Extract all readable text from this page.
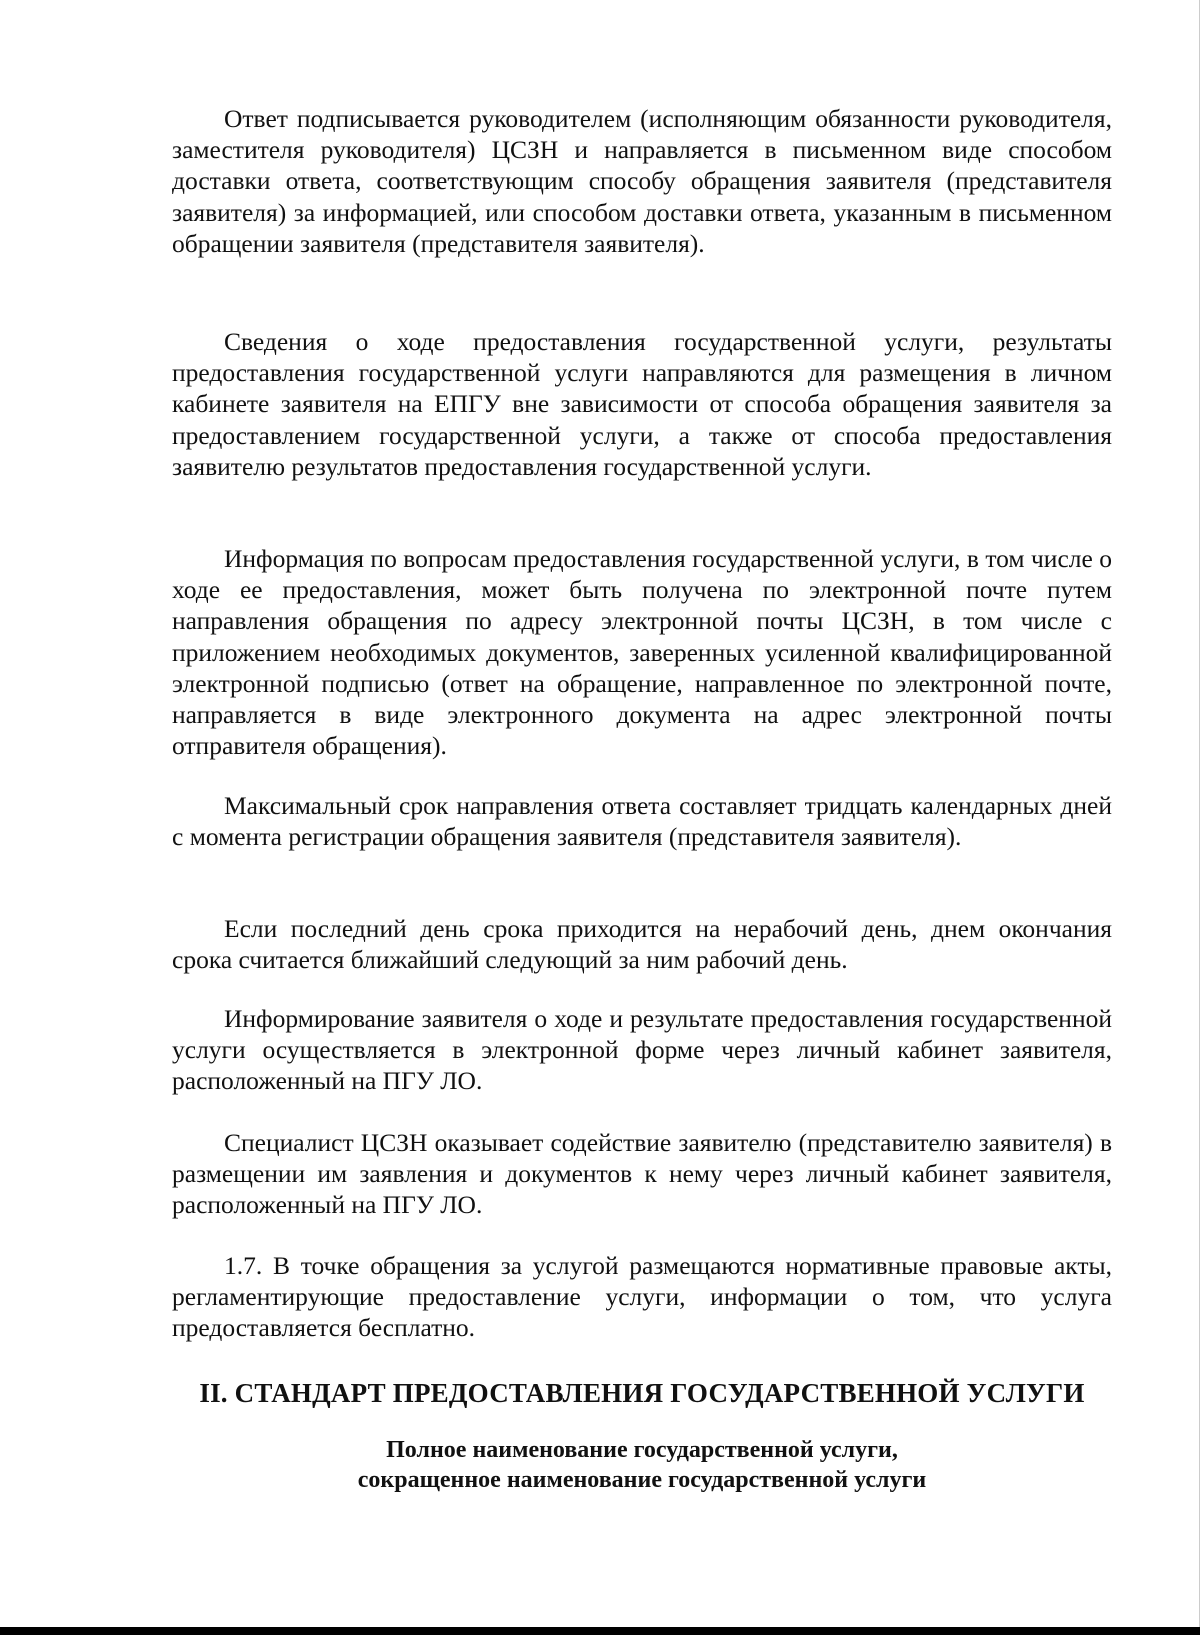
Ответ подписывается руководителем (исполняющим обязанности руководителя, заместителя руководителя) ЦСЗН и направляется в письменном виде способом доставки ответа, соответствующим способу обращения заявителя (представителя заявителя) за информацией, или способом доставки ответа, указанным в письменном обращении заявителя (представителя заявителя).

Сведения о ходе предоставления государственной услуги, результаты предоставления государственной услуги направляются для размещения в личном кабинете заявителя на ЕПГУ вне зависимости от способа обращения заявителя за предоставлением государственной услуги, а также от способа предоставления заявителю результатов предоставления государственной услуги.

Информация по вопросам предоставления государственной услуги, в том числе о ходе ее предоставления, может быть получена по электронной почте путем направления обращения по адресу электронной почты ЦСЗН, в том числе с приложением необходимых документов, заверенных усиленной квалифицированной электронной подписью (ответ на обращение, направленное по электронной почте, направляется в виде электронного документа на адрес электронной почты отправителя обращения).

Максимальный срок направления ответа составляет тридцать календарных дней с момента регистрации обращения заявителя (представителя заявителя).

Если последний день срока приходится на нерабочий день, днем окончания срока считается ближайший следующий за ним рабочий день.

Информирование заявителя о ходе и результате предоставления государственной услуги осуществляется в электронной форме через личный кабинет заявителя, расположенный на ПГУ ЛО.

Специалист ЦСЗН оказывает содействие заявителю (представителю заявителя) в размещении им заявления и документов к нему через личный кабинет заявителя, расположенный на ПГУ ЛО.

1.7. В точке обращения за услугой размещаются нормативные правовые акты, регламентирующие предоставление услуги, информации о том, что услуга предоставляется бесплатно.

II. СТАНДАРТ ПРЕДОСТАВЛЕНИЯ ГОСУДАРСТВЕННОЙ УСЛУГИ
Полное наименование государственной услуги,
сокращенное наименование государственной услуги
